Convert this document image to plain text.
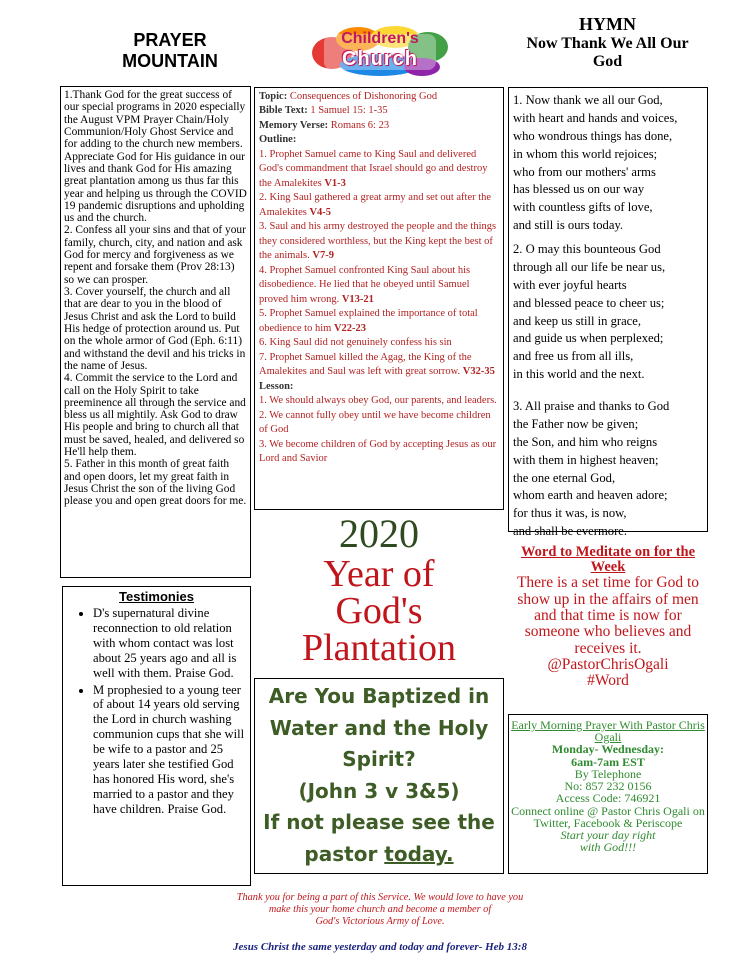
PRAYER
MOUNTAIN
Children's
Church
HYMN
Now Thank We All Our
God

1.Thank God for the great success of our special programs in 2020 especially the August VPM Prayer Chain/Holy Communion/Holy Ghost Service and for adding to the church new members. Appreciate God for His guidance in our lives and thank God for His amazing great plantation among us thus far this year and helping us through the COVID 19 pandemic disruptions and upholding us and the church.

2. Confess all your sins and that of your family, church, city, and nation and ask God for mercy and forgiveness as we repent and forsake them (Prov 28:13) so we can prosper.

3. Cover yourself, the church and all that are dear to you in the blood of Jesus Christ and ask the Lord to build His hedge of protection around us. Put on the whole armor of God (Eph. 6:11) and withstand the devil and his tricks in the name of Jesus.

4. Commit the service to the Lord and call on the Holy Spirit to take preeminence all through the service and bless us all mightily. Ask God to draw His people and bring to church all that must be saved, healed, and delivered so He'll help them.

5. Father in this month of great faith and open doors, let my great faith in Jesus Christ the son of the living God please you and open great doors for me.

Testimonies
• D's supernatural divine reconnection to old relation with whom contact was lost about 25 years ago and all is well with them. Praise God.
• M prophesied to a young teer of about 14 years old serving the Lord in church washing communion cups that she will be wife to a pastor and 25 years later she testified God has honored His word, she's married to a pastor and they have children. Praise God.

Topic: Consequences of Dishonoring God

Bible Text: 1 Samuel 15: 1-35

Memory Verse: Romans 6: 23

Outline:

1. Prophet Samuel came to King Saul and delivered God's commandment that Israel should go and destroy the Amalekites V1-3

2. King Saul gathered a great army and set out after the Amalekites V4-5

3. Saul and his army destroyed the people and the things they considered worthless, but the King kept the best of the animals. V7-9

4. Prophet Samuel confronted King Saul about his disobedience. He lied that he obeyed until Samuel proved him wrong. V13-21

5. Prophet Samuel explained the importance of total obedience to him V22-23

6. King Saul did not genuinely confess his sin

7. Prophet Samuel killed the Agag, the King of the Amalekites and Saul was left with great sorrow. V32-35

Lesson:

1. We should always obey God, our parents, and leaders.

2. We cannot fully obey until we have become children of God

3. We become children of God by accepting Jesus as our Lord and Savior

1. Now thank we all our God,
with heart and hands and voices,
who wondrous things has done,
in whom this world rejoices;
who from our mothers' arms
has blessed us on our way
with countless gifts of love,
and still is ours today.

2. O may this bounteous God
through all our life be near us,
with ever joyful hearts
and blessed peace to cheer us;
and keep us still in grace,
and guide us when perplexed;
and free us from all ills,
in this world and the next.

3. All praise and thanks to God
the Father now be given;
the Son, and him who reigns
with them in highest heaven;
the one eternal God,
whom earth and heaven adore;
for thus it was, is now,
and shall be evermore.

2020
Year of
God's
Plantation
Are You Baptized in
Water and the Holy
Spirit?
(John 3 v 3&5)
If not please see the
pastor today.
Word to Meditate on for the Week
There is a set time for God to show up in the affairs of men and that time is now for someone who believes and receives it.
@PastorChrisOgali
#Word
Early Morning Prayer With Pastor Chris Ogali
Monday- Wednesday:
6am-7am EST
By Telephone
No: 857 232 0156
Access Code: 746921
Connect online @ Pastor Chris Ogali on Twitter, Facebook & Periscope
Start your day right
with God!!!
Thank you for being a part of this Service. We would love to have you
make this your home church and become a member of
God's Victorious Army of Love.
Jesus Christ the same yesterday and today and forever- Heb 13:8
